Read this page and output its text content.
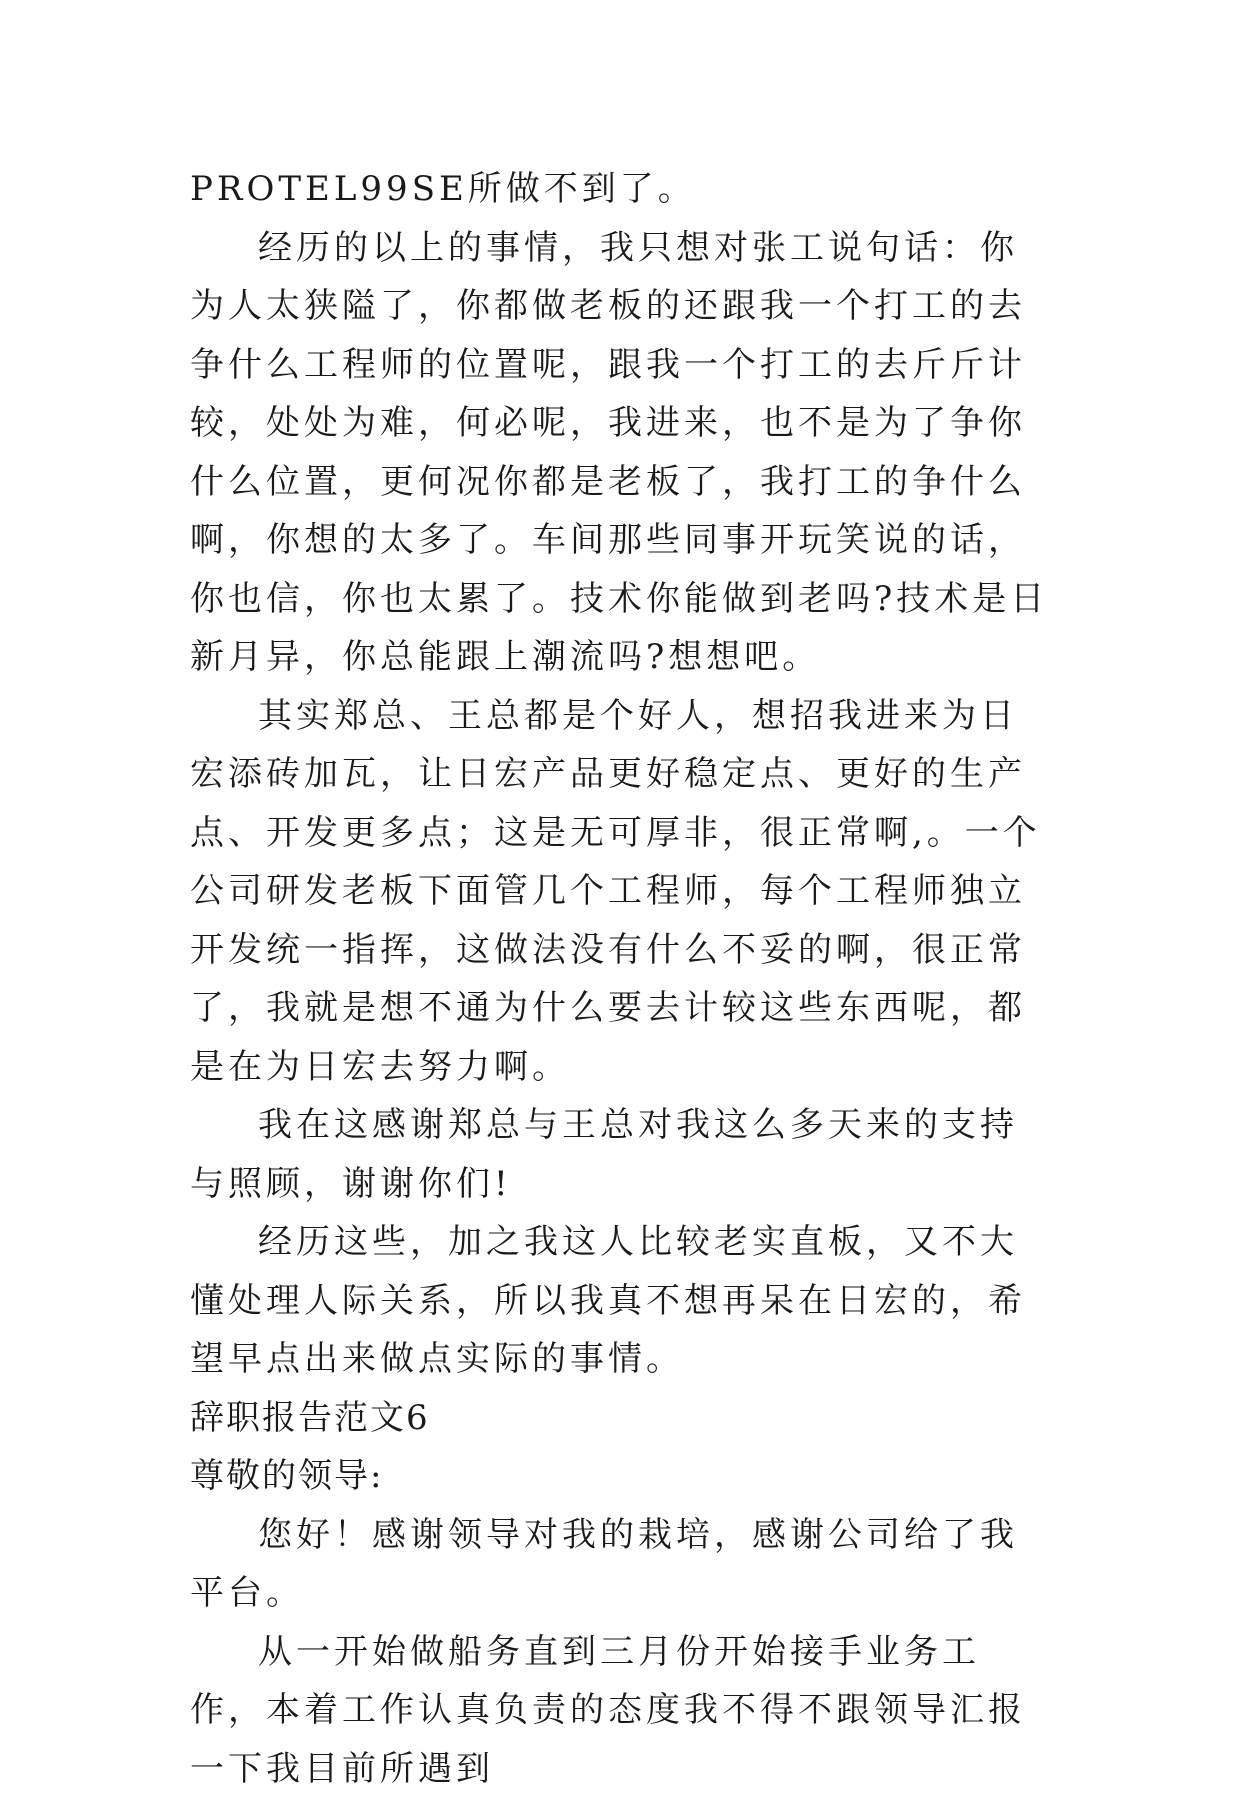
PROTEL99SE所做不到了。

经历的以上的事情，我只想对张工说句话：你为人太狭隘了，你都做老板的还跟我一个打工的去争什么工程师的位置呢，跟我一个打工的去斤斤计较，处处为难，何必呢，我进来，也不是为了争你什么位置，更何况你都是老板了，我打工的争什么啊，你想的太多了。车间那些同事开玩笑说的话，你也信，你也太累了。技术你能做到老吗?技术是日新月异，你总能跟上潮流吗?想想吧。

其实郑总、王总都是个好人，想招我进来为日宏添砖加瓦，让日宏产品更好稳定点、更好的生产点、开发更多点；这是无可厚非，很正常啊,。一个公司研发老板下面管几个工程师，每个工程师独立开发统一指挥，这做法没有什么不妥的啊，很正常了，我就是想不通为什么要去计较这些东西呢，都是在为日宏去努力啊。

我在这感谢郑总与王总对我这么多天来的支持与照顾，谢谢你们!

经历这些，加之我这人比较老实直板，又不大懂处理人际关系，所以我真不想再呆在日宏的，希望早点出来做点实际的事情。

辞职报告范文6

尊敬的领导:

您好！感谢领导对我的栽培，感谢公司给了我平台。

从一开始做船务直到三月份开始接手业务工作，本着工作认真负责的态度我不得不跟领导汇报一下我目前所遇到
